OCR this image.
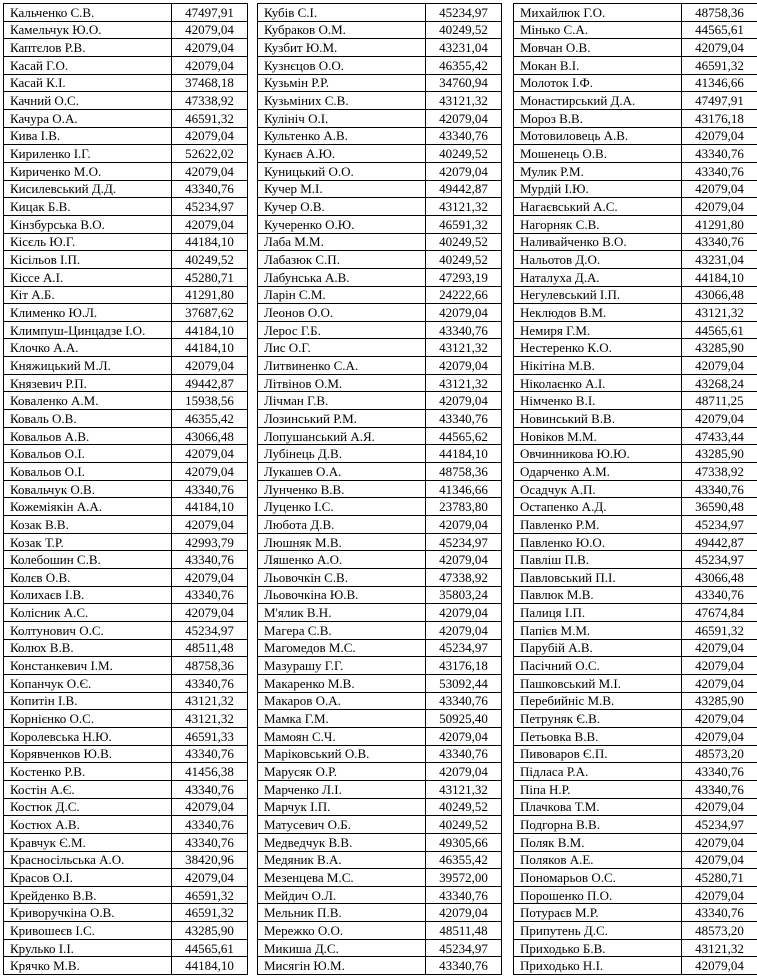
Кальченко С.В.	47497,91
Камельчук Ю.О.	42079,04
Каптєлов Р.В.	42079,04
Касай Г.О.	42079,04
Касай К.І.	37468,18
Качний О.С.	47338,92
Качура О.А.	46591,32
Кива І.В.	42079,04
Кириленко І.Г.	52622,02
Кириченко М.О.	42079,04
Кисилевський Д.Д.	43340,76
Кицак Б.В.	45234,97
Кінзбурська В.О.	42079,04
Кісєль Ю.Г.	44184,10
Кісільов І.П.	40249,52
Кіссе А.І.	45280,71
Кіт А.Б.	41291,80
Клименко Ю.Л.	37687,62
Климпуш-Цинцадзе І.О.	44184,10
Клочко А.А.	44184,10
Княжицький М.Л.	42079,04
Князевич Р.П.	49442,87
Коваленко А.М.	15938,56
Коваль О.В.	46355,42
Ковальов А.В.	43066,48
Ковальов О.І.	42079,04
Ковальов О.І.	42079,04
Ковальчук О.В.	43340,76
Кожеміякін А.А.	44184,10
Козак В.В.	42079,04
Козак Т.Р.	42993,79
Колебошин С.В.	43340,76
Колєв О.В.	42079,04
Колихаєв І.В.	43340,76
Колісник А.С.	42079,04
Колтунович О.С.	45234,97
Колюх В.В.	48511,48
Констанкевич І.М.	48758,36
Копанчук О.Є.	43340,76
Копитін І.В.	43121,32
Корнієнко О.С.	43121,32
Королевська Н.Ю.	46591,33
Корявченков Ю.В.	43340,76
Костенко Р.В.	41456,38
Костін А.Є.	43340,76
Костюк Д.С.	42079,04
Костюх А.В.	43340,76
Кравчук Є.М.	43340,76
Красносільська А.О.	38420,96
Красов О.І.	42079,04
Крейденко В.В.	46591,32
Криворучкіна О.В.	46591,32
Кривошеєв І.С.	43285,90
Крулько І.І.	44565,61
Крячко М.В.	44184,10
Кубів С.І.	45234,97
Кубраков О.М.	40249,52
Кузбит Ю.М.	43231,04
Кузнєцов О.О.	46355,42
Кузьмін Р.Р.	34760,94
Кузьміних С.В.	43121,32
Кулініч О.І.	42079,04
Культенко А.В.	43340,76
Кунаєв А.Ю.	40249,52
Куницький О.О.	42079,04
Кучер М.І.	49442,87
Кучер О.В.	43121,32
Кучеренко О.Ю.	46591,32
Лаба М.М.	40249,52
Лабазюк С.П.	40249,52
Лабунська А.В.	47293,19
Ларін С.М.	24222,66
Леонов О.О.	42079,04
Лерос Г.Б.	43340,76
Лис О.Г.	43121,32
Литвиненко С.А.	42079,04
Літвінов О.М.	43121,32
Лічман Г.В.	42079,04
Лозинський Р.М.	43340,76
Лопушанський А.Я.	44565,62
Лубінець Д.В.	44184,10
Лукашев О.А.	48758,36
Лунченко В.В.	41346,66
Луценко І.С.	23783,80
Любота Д.В.	42079,04
Люшняк М.В.	45234,97
Ляшенко А.О.	42079,04
Льовочкін С.В.	47338,92
Льовочкіна Ю.В.	35803,24
М'ялик В.Н.	42079,04
Магера С.В.	42079,04
Магомедов М.С.	45234,97
Мазурашу Г.Г.	43176,18
Макаренко М.В.	53092,44
Макаров О.А.	43340,76
Мамка Г.М.	50925,40
Мамоян С.Ч.	42079,04
Маріковський О.В.	43340,76
Марусяк О.Р.	42079,04
Марченко Л.І.	43121,32
Марчук І.П.	40249,52
Матусевич О.Б.	40249,52
Медведчук В.В.	49305,66
Медяник В.А.	46355,42
Мезенцева М.С.	39572,00
Мейдич О.Л.	43340,76
Мельник П.В.	42079,04
Мережко О.О.	48511,48
Микиша Д.С.	45234,97
Мисягін Ю.М.	43340,76
Михайлюк Г.О.	48758,36
Мінько С.А.	44565,61
Мовчан О.В.	42079,04
Мокан В.І.	46591,32
Молоток І.Ф.	41346,66
Монастирський Д.А.	47497,91
Мороз В.В.	43176,18
Мотовиловець А.В.	42079,04
Мошенець О.В.	43340,76
Мулик Р.М.	43340,76
Мурдій І.Ю.	42079,04
Нагаєвський А.С.	42079,04
Нагорняк С.В.	41291,80
Наливайченко В.О.	43340,76
Нальотов Д.О.	43231,04
Наталуха Д.А.	44184,10
Негулевський І.П.	43066,48
Неклюдов В.М.	43121,32
Немиря Г.М.	44565,61
Нестеренко К.О.	43285,90
Нікітіна М.В.	42079,04
Ніколаєнко А.І.	43268,24
Німченко В.І.	48711,25
Новинський В.В.	42079,04
Новіков М.М.	47433,44
Овчинникова Ю.Ю.	43285,90
Одарченко А.М.	47338,92
Осадчук А.П.	43340,76
Остапенко А.Д.	36590,48
Павленко Р.М.	45234,97
Павленко Ю.О.	49442,87
Павліш П.В.	45234,97
Павловський П.І.	43066,48
Павлюк М.В.	43340,76
Палиця І.П.	47674,84
Папієв М.М.	46591,32
Парубій А.В.	42079,04
Пасічний О.С.	42079,04
Пашковський М.І.	42079,04
Перебийніс М.В.	43285,90
Петруняк Є.В.	42079,04
Петьовка В.В.	42079,04
Пивоваров Є.П.	48573,20
Підласа Р.А.	43340,76
Піпа Н.Р.	43340,76
Плачкова Т.М.	42079,04
Подгорна В.В.	45234,97
Поляк В.М.	42079,04
Поляков А.Е.	42079,04
Пономарьов О.С.	45280,71
Порошенко П.О.	42079,04
Потураєв М.Р.	43340,76
Припутень Д.С.	48573,20
Приходько Б.В.	43121,32
Приходько Н.І.	42079,04
